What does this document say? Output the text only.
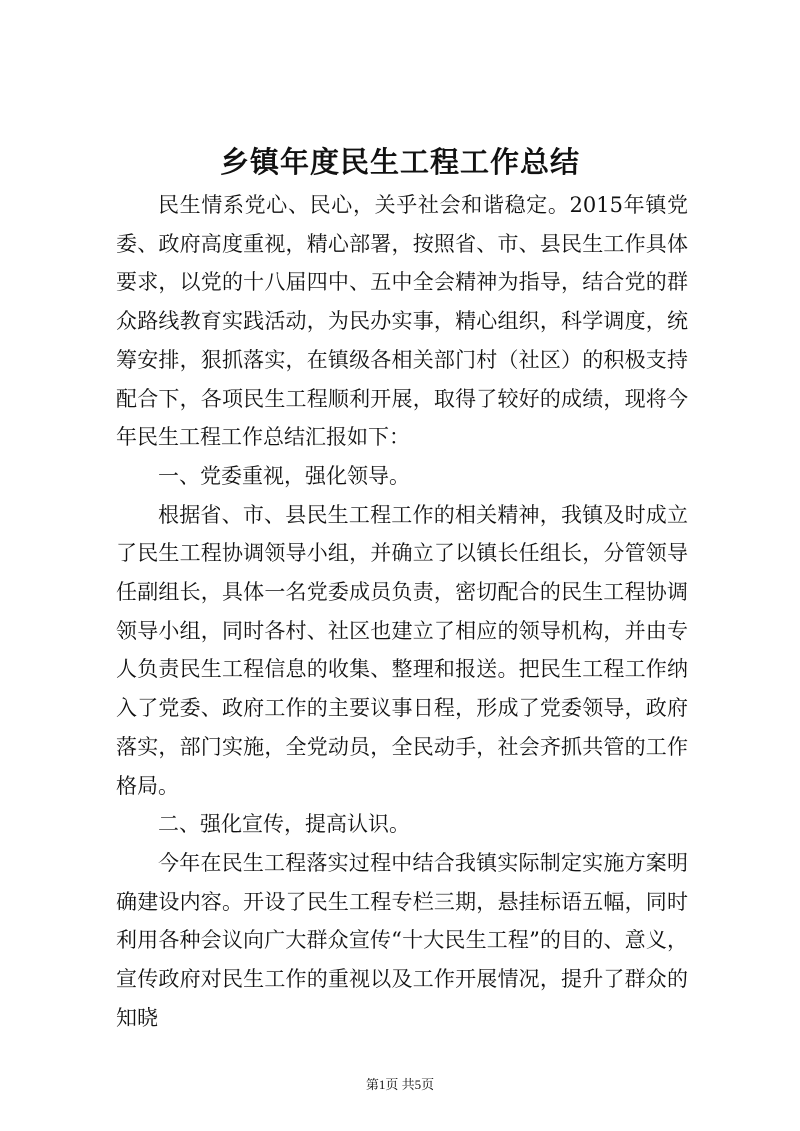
乡镇年度民生工程工作总结

民生情系党心、民心，关乎社会和谐稳定。2015年镇党委、政府高度重视，精心部署，按照省、市、县民生工作具体要求，以党的十八届四中、五中全会精神为指导，结合党的群众路线教育实践活动，为民办实事，精心组织，科学调度，统筹安排，狠抓落实，在镇级各相关部门村（社区）的积极支持配合下，各项民生工程顺利开展，取得了较好的成绩，现将今年民生工程工作总结汇报如下：

一、党委重视，强化领导。

根据省、市、县民生工程工作的相关精神，我镇及时成立了民生工程协调领导小组，并确立了以镇长任组长，分管领导任副组长，具体一名党委成员负责，密切配合的民生工程协调领导小组，同时各村、社区也建立了相应的领导机构，并由专人负责民生工程信息的收集、整理和报送。把民生工程工作纳入了党委、政府工作的主要议事日程，形成了党委领导，政府落实，部门实施，全党动员，全民动手，社会齐抓共管的工作格局。

二、强化宣传，提高认识。

今年在民生工程落实过程中结合我镇实际制定实施方案明确建设内容。开设了民生工程专栏三期，悬挂标语五幅，同时利用各种会议向广大群众宣传“十大民生工程”的目的、意义，宣传政府对民生工作的重视以及工作开展情况，提升了群众的知晓

第1页 共5页
